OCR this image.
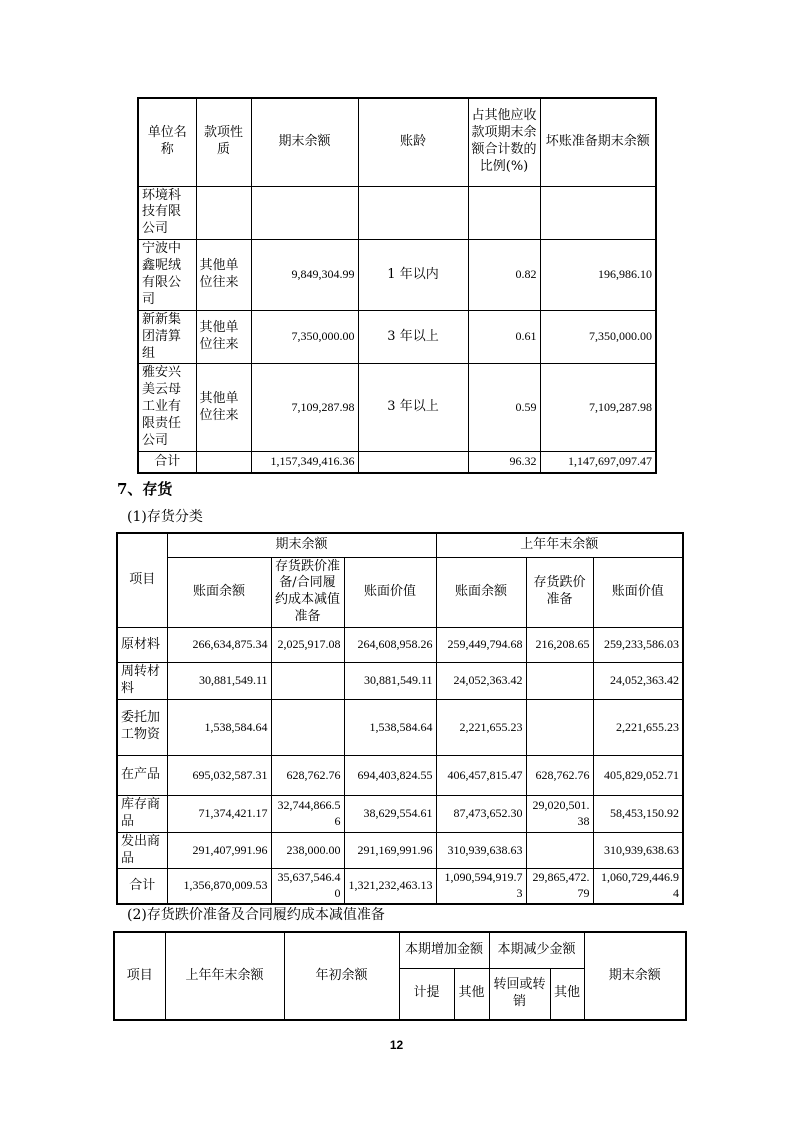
单位名称	款项性质	期末余额	账龄	占其他应收款项期末余额合计数的比例(%)	坏账准备期末余额
环境科技有限公司					
宁波中鑫呢绒有限公司	其他单位往来	9,849,304.99	1 年以内	0.82	196,986.10
新新集团清算组	其他单位往来	7,350,000.00	3 年以上	0.61	7,350,000.00
雅安兴美云母工业有限责任公司	其他单位往来	7,109,287.98	3 年以上	0.59	7,109,287.98
合计		1,157,349,416.36		96.32	1,147,697,097.47
7、存货
(1)存货分类
项目	期末余额			上年年末余额		
	账面余额	存货跌价准备/合同履约成本减值准备	账面价值	账面余额	存货跌价准备	账面价值
原材料	266,634,875.34	2,025,917.08	264,608,958.26	259,449,794.68	216,208.65	259,233,586.03
周转材料	30,881,549.11		30,881,549.11	24,052,363.42		24,052,363.42
委托加工物资	1,538,584.64		1,538,584.64	2,221,655.23		2,221,655.23
在产品	695,032,587.31	628,762.76	694,403,824.55	406,457,815.47	628,762.76	405,829,052.71
库存商品	71,374,421.17	32,744,866.56	38,629,554.61	87,473,652.30	29,020,501.38	58,453,150.92
发出商品	291,407,991.96	238,000.00	291,169,991.96	310,939,638.63		310,939,638.63
合计	1,356,870,009.53	35,637,546.40	1,321,232,463.13	1,090,594,919.73	29,865,472.79	1,060,729,446.94
(2)存货跌价准备及合同履约成本减值准备
项目	上年年末余额	年初余额	本期增加金额		本期减少金额		期末余额
			计提	其他	转回或转销	其他	
12
